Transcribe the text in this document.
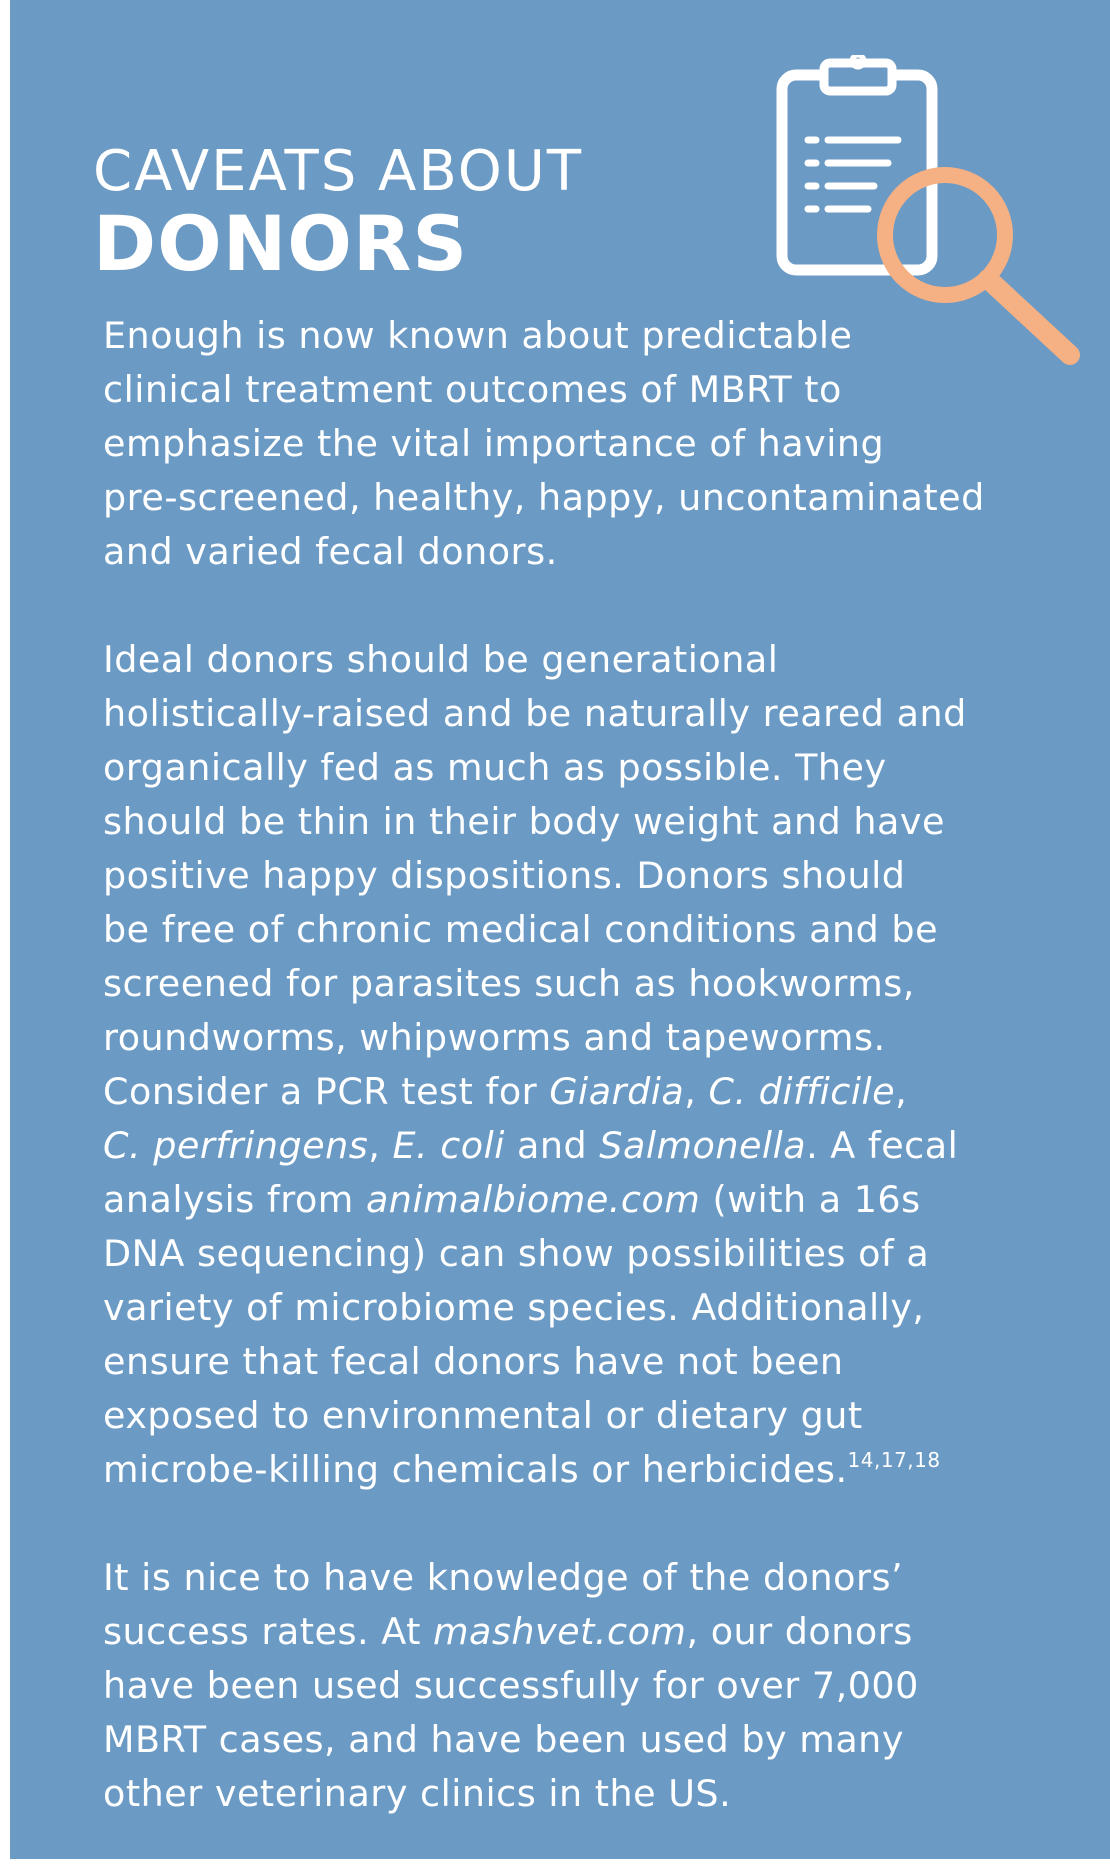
CAVEATS ABOUT
DONORS

Enough is now known about predictable
clinical treatment outcomes of MBRT to
emphasize the vital importance of having
pre-screened, healthy, happy, uncontaminated
and varied fecal donors.

Ideal donors should be generational
holistically-raised and be naturally reared and
organically fed as much as possible. They
should be thin in their body weight and have
positive happy dispositions. Donors should
be free of chronic medical conditions and be
screened for parasites such as hookworms,
roundworms, whipworms and tapeworms.
Consider a PCR test for Giardia, C. difficile,
C. perfringens, E. coli and Salmonella. A fecal
analysis from animalbiome.com (with a 16s
DNA sequencing) can show possibilities of a
variety of microbiome species. Additionally,
ensure that fecal donors have not been
exposed to environmental or dietary gut
microbe-killing chemicals or herbicides.$^{14,17,18}$

It is nice to have knowledge of the donors’
success rates. At mashvet.com, our donors
have been used successfully for over 7,000
MBRT cases, and have been used by many
other veterinary clinics in the US.
